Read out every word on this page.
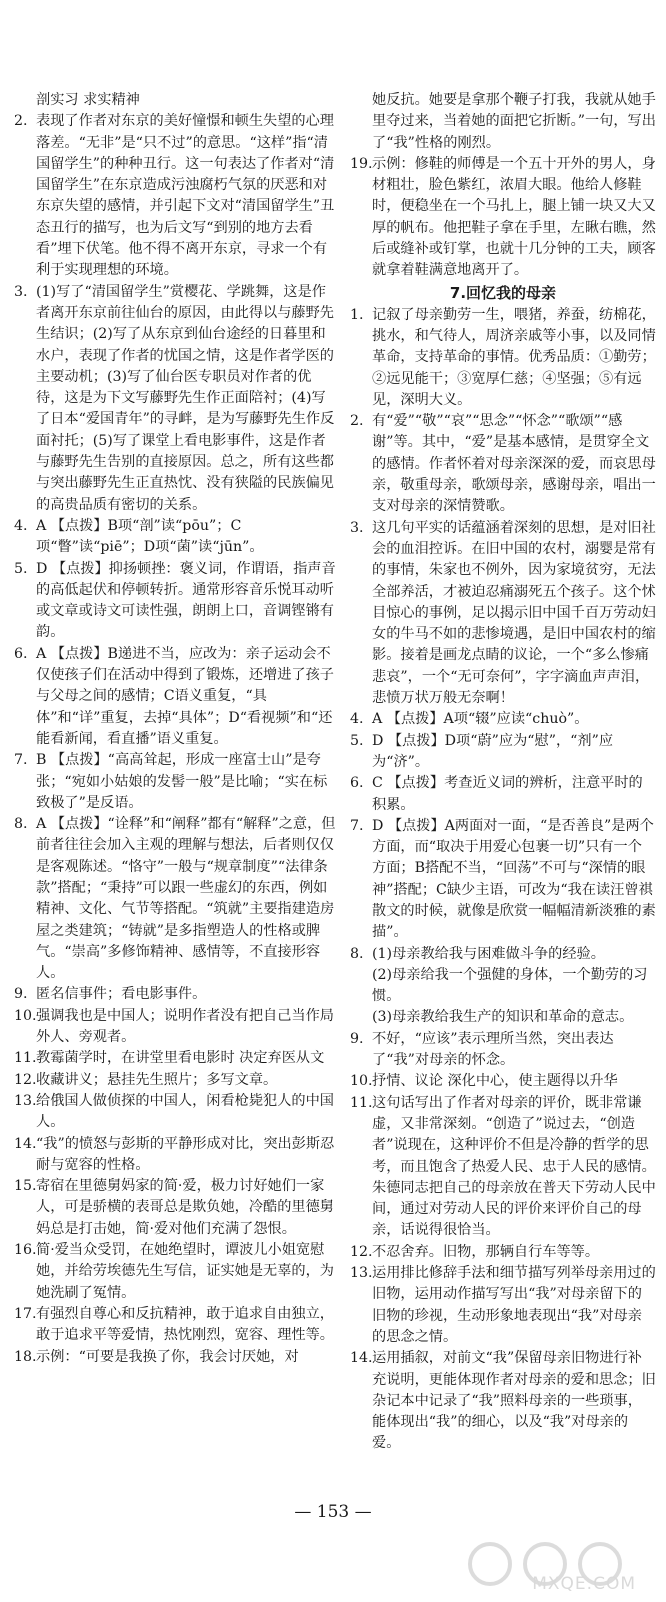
剖实习 求实精神

2. 表现了作者对东京的美好憧憬和顿生失望的心理落差。“无非”是“只不过”的意思。“这样”指“清国留学生”的种种丑行。这一句表达了作者对“清国留学生”在东京造成污浊腐朽气氛的厌恶和对东京失望的感情，并引起下文对“清国留学生”丑态丑行的描写，也为后文写“到别的地方去看看”埋下伏笔。他不得不离开东京，寻求一个有利于实现理想的环境。

3. (1)写了“清国留学生”赏樱花、学跳舞，这是作者离开东京前往仙台的原因，由此得以与藤野先生结识；(2)写了从东京到仙台途经的日暮里和水户，表现了作者的忧国之情，这是作者学医的主要动机；(3)写了仙台医专职员对作者的优待，这是为下文写藤野先生作正面陪衬；(4)写了日本“爱国青年”的寻衅，是为写藤野先生作反面衬托；(5)写了课堂上看电影事件，这是作者与藤野先生告别的直接原因。总之，所有这些都与突出藤野先生正直热忱、没有狭隘的民族偏见的高贵品质有密切的关系。

4. A 【点拨】B项“剖”读“pōu”；C项“瞥”读“piē”；D项“菌”读“jūn”。

5. D 【点拨】抑扬顿挫：褒义词，作谓语，指声音的高低起伏和停顿转折。通常形容音乐悦耳动听或文章或诗文可读性强，朗朗上口，音调铿锵有韵。

6. A 【点拨】B递进不当，应改为：亲子运动会不仅使孩子们在活动中得到了锻炼，还增进了孩子与父母之间的感情；C语义重复，“具体”和“详”重复，去掉“具体”；D“看视频”和“还能看新闻，看直播”语义重复。

7. B 【点拨】“高高耸起，形成一座富士山”是夸张；“宛如小姑娘的发髻一般”是比喻；“实在标致极了”是反语。

8. A 【点拨】“诠释”和“阐释”都有“解释”之意，但前者往往会加入主观的理解与想法，后者则仅仅是客观陈述。“恪守”一般与“规章制度”“法律条款”搭配；“秉持”可以跟一些虚幻的东西，例如精神、文化、气节等搭配。“筑就”主要指建造房屋之类建筑；“铸就”是多指塑造人的性格或脾气。“崇高”多修饰精神、感情等，不直接形容人。

9. 匿名信事件；看电影事件。

10. 强调我也是中国人；说明作者没有把自己当作局外人、旁观者。

11. 教霉菌学时，在讲堂里看电影时 决定弃医从文

12. 收藏讲义；悬挂先生照片；多写文章。

13. 给俄国人做侦探的中国人，闲看枪毙犯人的中国人。

14. “我”的愤怒与彭斯的平静形成对比，突出彭斯忍耐与宽容的性格。

15. 寄宿在里德舅妈家的简·爱，极力讨好她们一家人，可是骄横的表哥总是欺负她，冷酷的里德舅妈总是打击她，简·爱对他们充满了怨恨。

16. 简·爱当众受罚，在她绝望时，谭波儿小姐宽慰她，并给劳埃德先生写信，证实她是无辜的，为她洗刷了冤情。

17. 有强烈自尊心和反抗精神，敢于追求自由独立，敢于追求平等爱情，热忱刚烈，宽容、理性等。

18. 示例：“可要是我换了你，我会讨厌她，对

她反抗。她要是拿那个鞭子打我，我就从她手里夺过来，当着她的面把它折断。”一句，写出了“我”性格的刚烈。

19. 示例：修鞋的师傅是一个五十开外的男人，身材粗壮，脸色紫红，浓眉大眼。他给人修鞋时，便稳坐在一个马扎上，腿上铺一块又大又厚的帆布。他把鞋子拿在手里，左瞅右瞧，然后或缝补或钉掌，也就十几分钟的工夫，顾客就拿着鞋满意地离开了。

7.回忆我的母亲

1. 记叙了母亲勤劳一生，喂猪，养蚕，纺棉花，挑水，和气待人，周济亲戚等小事，以及同情革命，支持革命的事情。优秀品质：①勤劳；②远见能干；③宽厚仁慈；④坚强；⑤有远见，深明大义。

2. 有“爱”“敬”“哀”“思念”“怀念”“歌颂”“感谢”等。其中，“爱”是基本感情，是贯穿全文的感情。作者怀着对母亲深深的爱，而哀思母亲，敬重母亲，歌颂母亲，感谢母亲，唱出一支对母亲的深情赞歌。

3. 这几句平实的话蕴涵着深刻的思想，是对旧社会的血泪控诉。在旧中国的农村，溺婴是常有的事情，朱家也不例外，因为家境贫穷，无法全部养活，才被迫忍痛溺死五个孩子。这个怵目惊心的事例，足以揭示旧中国千百万劳动妇女的牛马不如的悲惨境遇，是旧中国农村的缩影。接着是画龙点睛的议论，一个“多么惨痛悲哀”，一个“无可奈何”，字字滴血声声泪，悲愤万状万般无奈啊！

4. A 【点拨】A项“辍”应读“chuò”。

5. D 【点拨】D项“蔚”应为“慰”，“剂”应为“济”。

6. C 【点拨】考查近义词的辨析，注意平时的积累。

7. D 【点拨】A两面对一面，“是否善良”是两个方面，而“取决于用爱心包裹一切”只有一个方面；B搭配不当，“回荡”不可与“深情的眼神”搭配；C缺少主语，可改为“我在读汪曾祺散文的时候，就像是欣赏一幅幅清新淡雅的素描”。

8. (1)母亲教给我与困难做斗争的经验。

(2)母亲给我一个强健的身体，一个勤劳的习惯。

(3)母亲教给我生产的知识和革命的意志。

9. 不好，“应该”表示理所当然，突出表达了“我”对母亲的怀念。

10. 抒情、议论 深化中心，使主题得以升华

11. 这句话写出了作者对母亲的评价，既非常谦虚，又非常深刻。“创造了”说过去，“创造者”说现在，这种评价不但是冷静的哲学的思考，而且饱含了热爱人民、忠于人民的感情。朱德同志把自己的母亲放在普天下劳动人民中间，通过对劳动人民的评价来评价自己的母亲，话说得很恰当。

12. 不忍舍弃。旧物，那辆自行车等等。

13. 运用排比修辞手法和细节描写列举母亲用过的旧物，运用动作描写写出“我”对母亲留下的旧物的珍视，生动形象地表现出“我”对母亲的思念之情。

14. 运用插叙，对前文“我”保留母亲旧物进行补充说明，更能体现作者对母亲的爱和思念；旧杂记本中记录了“我”照料母亲的一些琐事，能体现出“我”的细心，以及“我”对母亲的爱。

— 153 —
MXQE.COM
